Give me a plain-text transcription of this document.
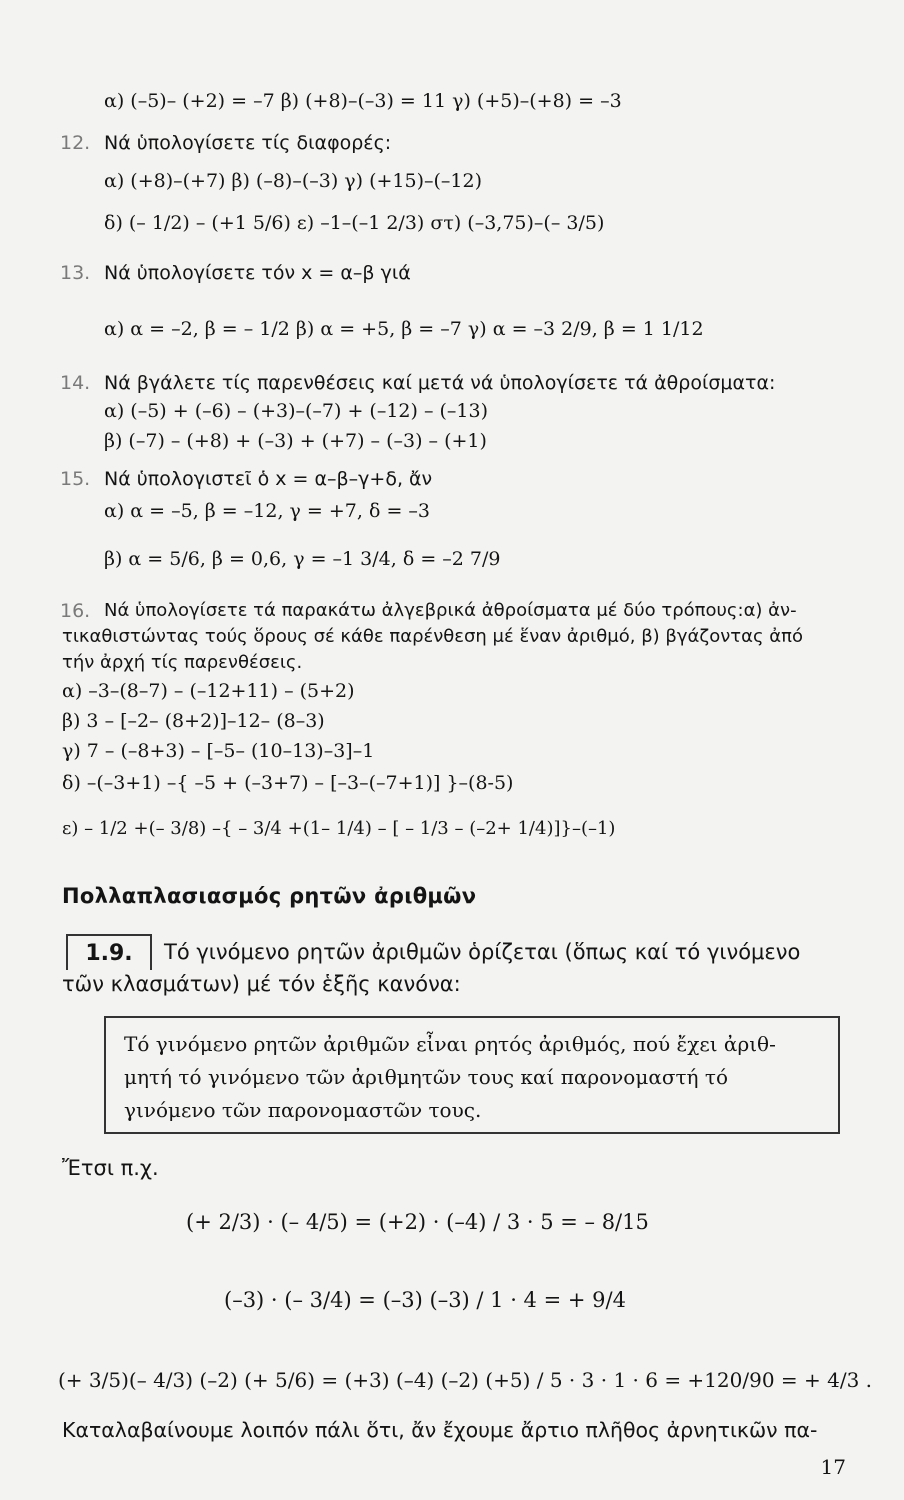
α) (–5)– (+2) = –7 β) (+8)–(–3) = 11 γ) (+5)–(+8) = –3
12. Νά ὑπολογίσετε τίς διαφορές:
α) (+8)–(+7) β) (–8)–(–3) γ) (+15)–(–12)
δ) (– 1/2) – (+1 5/6) ε) –1–(–1 2/3) στ) (–3,75)–(– 3/5)
13. Νά ὑπολογίσετε τόν x = α–β γιά
α) α = –2, β = – 1/2 β) α = +5, β = –7 γ) α = –3 2/9, β = 1 1/12
14. Νά βγάλετε τίς παρενθέσεις καί μετά νά ὑπολογίσετε τά ἀθροίσματα:
α) (–5) + (–6) – (+3)–(–7) + (–12) – (–13)
β) (–7) – (+8) + (–3) + (+7) – (–3) – (+1)
15. Νά ὑπολογιστεῖ ὁ x = α–β–γ+δ, ἄν
α) α = –5, β = –12, γ = +7, δ = –3
β) α = 5/6, β = 0,6, γ = –1 3/4, δ = –2 7/9
16. Νά ὑπολογίσετε τά παρακάτω ἀλγεβρικά ἀθροίσματα μέ δύο τρόπους:α) ἀν-
τικαθιστώντας τούς ὅρους σέ κάθε παρένθεση μέ ἕναν ἀριθμό, β) βγάζοντας ἀπό
τήν ἀρχή τίς παρενθέσεις.
α) –3–(8–7) – (–12+11) – (5+2)
β) 3 – [–2– (8+2)]–12– (8–3)
γ) 7 – (–8+3) – [–5– (10–13)–3]–1
δ) –(–3+1) –{ –5 + (–3+7) – [–3–(–7+1)] }–(8-5)
ε) – 1/2 +(– 3/8) –{ – 3/4 +(1– 1/4) – [ – 1/3 – (–2+ 1/4)]}–(–1)
Πολλαπλασιασμός ρητῶν ἀριθμῶν
1.9.	Τό γινόμενο ρητῶν ἀριθμῶν ὁρίζεται (ὅπως καί τό γινόμενο
τῶν κλασμάτων) μέ τόν ἑξῆς κανόνα:
Τό γινόμενο ρητῶν ἀριθμῶν εἶναι ρητός ἀριθμός, πού ἔχει ἀριθ-
μητή τό γινόμενο τῶν ἀριθμητῶν τους καί παρονομαστή τό
γινόμενο τῶν παρονομαστῶν τους.
Ἔτσι π.χ.
(+ 2/3) · (– 4/5) = (+2) · (–4) / 3 · 5 = – 8/15
(–3) · (– 3/4) = (–3) (–3) / 1 · 4 = + 9/4
(+ 3/5)(– 4/3) (–2) (+ 5/6) = (+3) (–4) (–2) (+5) / 5 · 3 · 1 · 6 = +120/90 = + 4/3 .
Καταλαβαίνουμε λοιπόν πάλι ὅτι, ἄν ἔχουμε ἄρτιο πλῆθος ἀρνητικῶν πα-
17
